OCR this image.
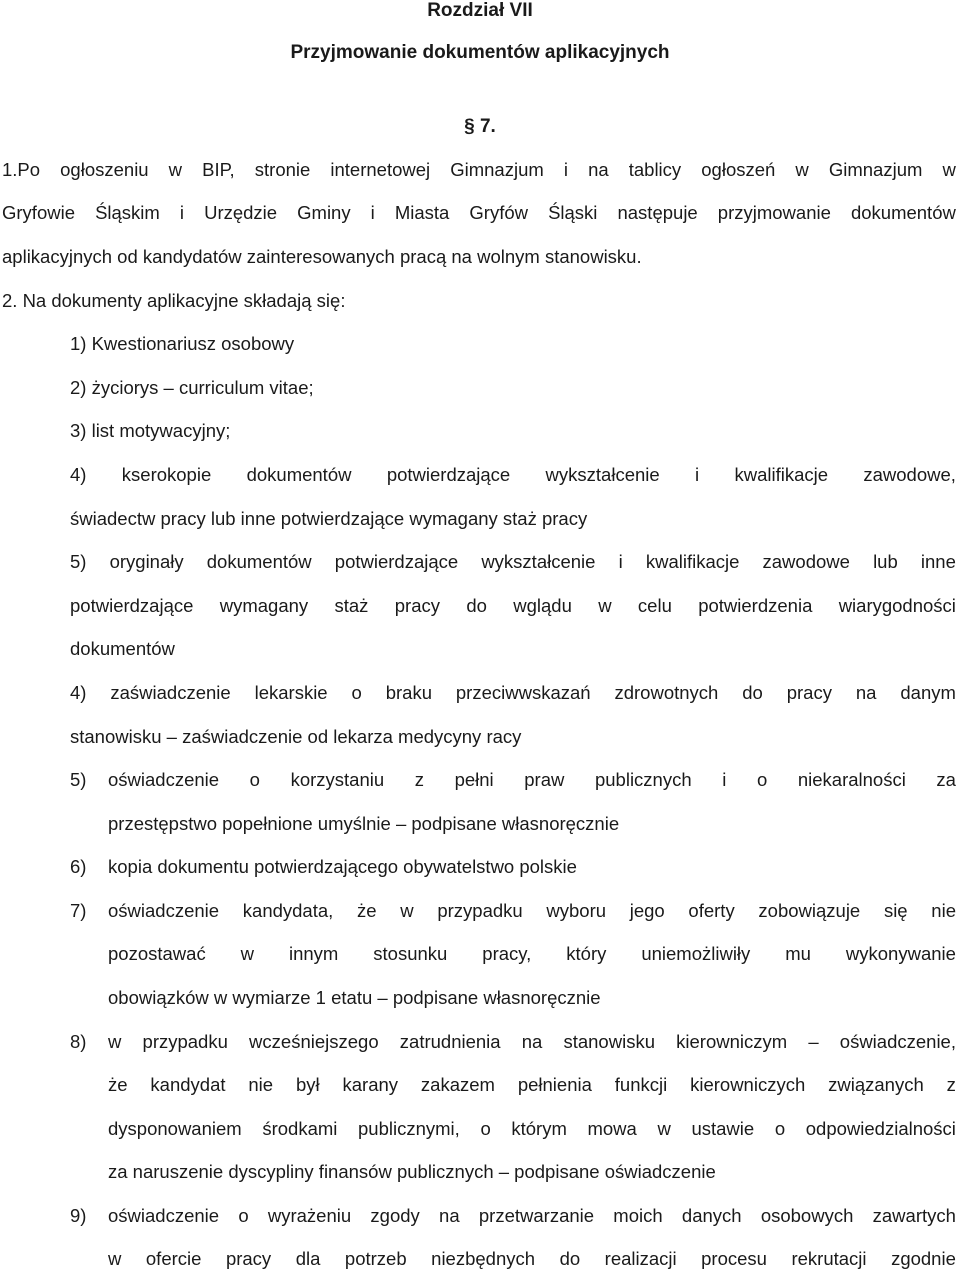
Rozdział VII
Przyjmowanie dokumentów aplikacyjnych
§ 7.
1.Po ogłoszeniu w BIP, stronie internetowej Gimnazjum i na tablicy ogłoszeń w Gimnazjum w
Gryfowie Śląskim i Urzędzie Gminy i Miasta Gryfów Śląski następuje przyjmowanie dokumentów
aplikacyjnych od kandydatów zainteresowanych pracą na wolnym stanowisku.
2. Na dokumenty aplikacyjne składają się:
1) Kwestionariusz osobowy
2) życiorys – curriculum vitae;
3) list motywacyjny;
4) kserokopie dokumentów potwierdzające wykształcenie i kwalifikacje zawodowe,
świadectw pracy lub inne potwierdzające wymagany staż pracy
5) oryginały dokumentów potwierdzające wykształcenie i kwalifikacje zawodowe lub inne
potwierdzające wymagany staż pracy do wglądu w celu potwierdzenia wiarygodności
dokumentów
4) zaświadczenie lekarskie o braku przeciwwskazań zdrowotnych do pracy na danym
stanowisku – zaświadczenie od lekarza medycyny racy
5) oświadczenie o korzystaniu z pełni praw publicznych i o niekaralności za
przestępstwo popełnione umyślnie – podpisane własnoręcznie
6) kopia dokumentu potwierdzającego obywatelstwo polskie
7) oświadczenie kandydata, że w przypadku wyboru jego oferty zobowiązuje się nie
pozostawać w innym stosunku pracy, który uniemożliwiły mu wykonywanie
obowiązków w wymiarze 1 etatu – podpisane własnoręcznie
8) w przypadku wcześniejszego zatrudnienia na stanowisku kierowniczym – oświadczenie,
że kandydat nie był karany zakazem pełnienia funkcji kierowniczych związanych z
dysponowaniem środkami publicznymi, o którym mowa w ustawie o odpowiedzialności
za naruszenie dyscypliny finansów publicznych – podpisane oświadczenie
9) oświadczenie o wyrażeniu zgody na przetwarzanie moich danych osobowych zawartych
w ofercie pracy dla potrzeb niezbędnych do realizacji procesu rekrutacji zgodnie
